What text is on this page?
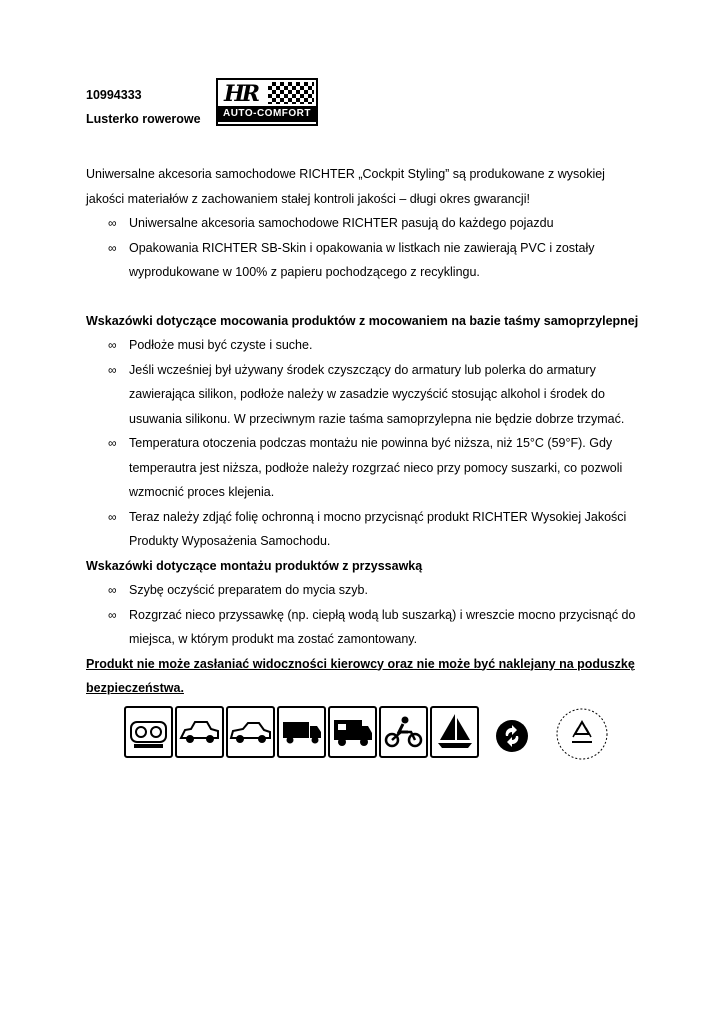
10994333
Lusterko rowerowe
HR
AUTO-COMFORT

Uniwersalne akcesoria samochodowe RICHTER „Cockpit Styling” są produkowane z wysokiej jakości materiałów z zachowaniem stałej kontroli jakości – długi okres gwarancji!

∞ Uniwersalne akcesoria samochodowe RICHTER pasują do każdego pojazdu
∞ Opakowania RICHTER SB-Skin i opakowania w listkach nie zawierają PVC i zostały wyprodukowane w 100% z papieru pochodzącego z recyklingu.

Wskazówki dotyczące mocowania produktów z mocowaniem na bazie taśmy samoprzylepnej

∞ Podłoże musi być czyste i suche.
∞ Jeśli wcześniej był używany środek czyszczący do armatury lub polerka do armatury zawierająca silikon, podłoże należy w zasadzie wyczyścić stosując alkohol i środek do usuwania silikonu. W przeciwnym razie taśma samoprzylepna nie będzie dobrze trzymać.
∞ Temperatura otoczenia podczas montażu nie powinna być niższa, niż 15°C (59°F). Gdy temperautra jest niższa, podłoże należy rozgrzać nieco przy pomocy suszarki, co pozwoli wzmocnić proces klejenia.
∞ Teraz należy zdjąć folię ochronną i mocno przycisnąć produkt RICHTER Wysokiej Jakości Produkty Wyposażenia Samochodu.

Wskazówki dotyczące montażu produktów z przyssawką

∞ Szybę oczyścić preparatem do mycia szyb.
∞ Rozgrzać nieco przyssawkę (np. ciepłą wodą lub suszarką) i wreszcie mocno przycisnąć do miejsca, w którym produkt ma zostać zamontowany.

Produkt nie może zasłaniać widoczności kierowcy oraz nie może być naklejany na poduszkę bezpieczeństwa.
